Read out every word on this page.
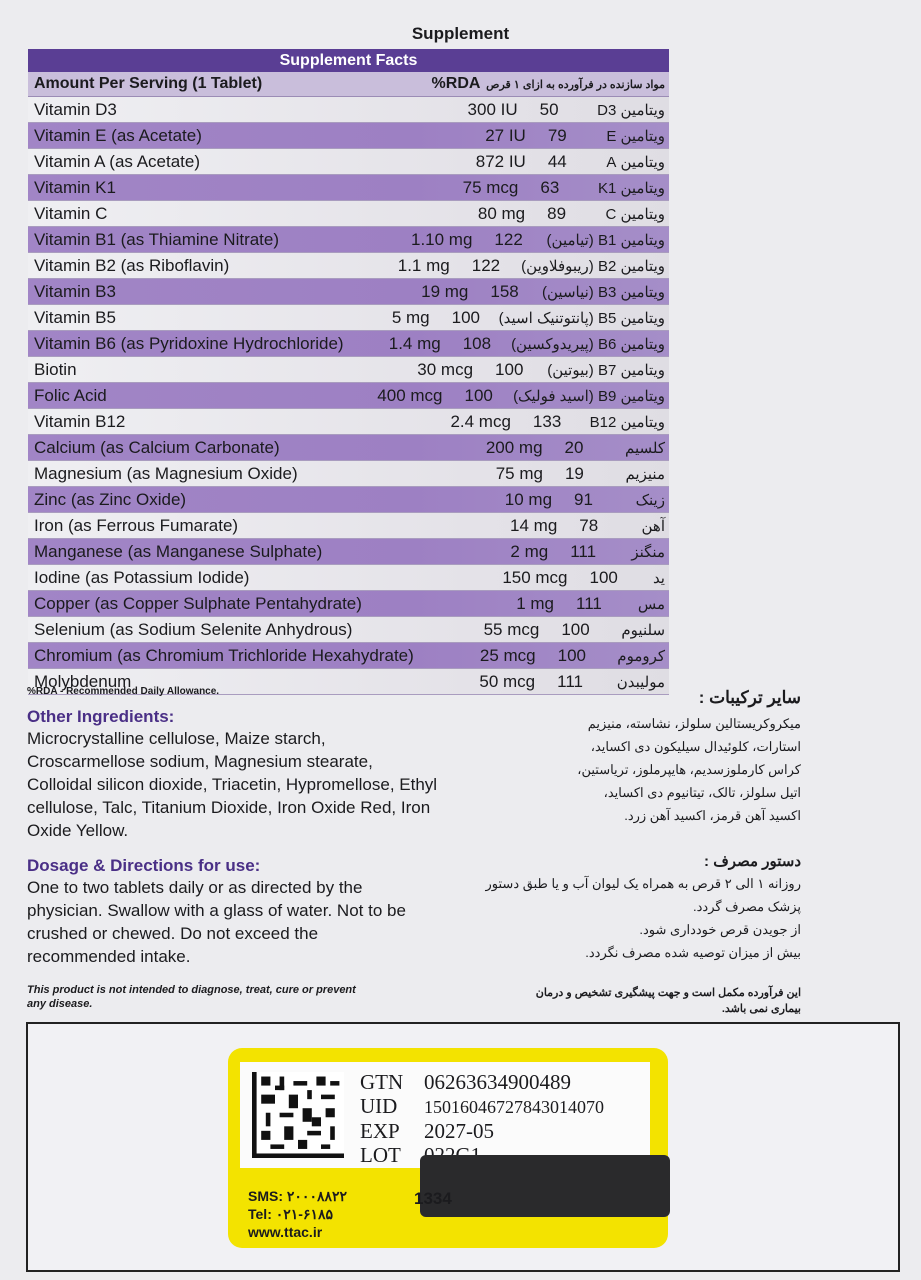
Supplement
Supplement Facts
Amount Per Serving (1 Tablet)	%RDA مواد سازنده در فرآورده به ازای ۱ قرص
Vitamin D3	300 IU	50	ویتامین D3
Vitamin E (as Acetate)	27 IU	79	ویتامین E
Vitamin A (as Acetate)	872 IU	44	ویتامین A
Vitamin K1	75 mcg	63	ویتامین K1
Vitamin C	80 mg	89	ویتامین C
Vitamin B1 (as Thiamine Nitrate)	1.10 mg	122	ویتامین B1 (تیامین)
Vitamin B2 (as Riboflavin)	1.1 mg	122	ویتامین B2 (ریبوفلاوین)
Vitamin B3	19 mg	158	ویتامین B3 (نیاسین)
Vitamin B5	5 mg	100	ویتامین B5 (پانتوتنیک اسید)
Vitamin B6 (as Pyridoxine Hydrochloride)	1.4 mg	108	ویتامین B6 (پیریدوکسین)
Biotin	30 mcg	100	ویتامین B7 (بیوتین)
Folic Acid	400 mcg	100	ویتامین B9 (اسید فولیک)
Vitamin B12	2.4 mcg	133	ویتامین B12
Calcium (as Calcium Carbonate)	200 mg	20	کلسیم
Magnesium (as Magnesium Oxide)	75 mg	19	منیزیم
Zinc (as Zinc Oxide)	10 mg	91	زینک
Iron (as Ferrous Fumarate)	14 mg	78	آهن
Manganese (as Manganese Sulphate)	2 mg	111	منگنز
Iodine (as Potassium Iodide)	150 mcg	100	ید
Copper (as Copper Sulphate Pentahydrate)	1 mg	111	مس
Selenium (as Sodium Selenite Anhydrous)	55 mcg	100	سلنیوم
Chromium (as Chromium Trichloride Hexahydrate)	25 mcg	100	کروموم
Molybdenum	50 mcg	111	مولیبدن
%RDA - Recommended Daily Allowance.
Other Ingredients:
Microcrystalline cellulose, Maize starch,
Croscarmellose sodium, Magnesium stearate,
Colloidal silicon dioxide, Triacetin, Hypromellose, Ethyl
cellulose, Talc, Titanium Dioxide, Iron Oxide Red, Iron
Oxide Yellow.
Dosage & Directions for use:
One to two tablets daily or as directed by the
physician. Swallow with a glass of water. Not to be
crushed or chewed. Do not exceed the
recommended intake.
This product is not intended to diagnose, treat, cure or prevent
any disease.
سایر ترکیبات :
میکروکریستالین سلولز، نشاسته، منیزیم
استارات، کلوئیدال سیلیکون دی اکساید،
کراس کارملوزسدیم، هایپرملوز، تریاستین،
اتیل سلولز، تالک، تیتانیوم دی اکساید،
اکسید آهن قرمز، اکسید آهن زرد.
دستور مصرف :
روزانه ۱ الی ۲ قرص به همراه یک لیوان آب و یا طبق دستور
پزشک مصرف گردد.
از جویدن قرص خودداری شود.
بیش از میزان توصیه شده مصرف نگردد.
این فرآورده مکمل است و جهت پیشگیری تشخیص و درمان
بیماری نمی باشد.
GTN 06263634900489
UID 15016046727843014070
EXP 2027-05
LOT
SMS: ۲۰۰۰۸۸۲۲
Tel: ۰۲۱-۶۱۸۵
www.ttac.ir
1334
